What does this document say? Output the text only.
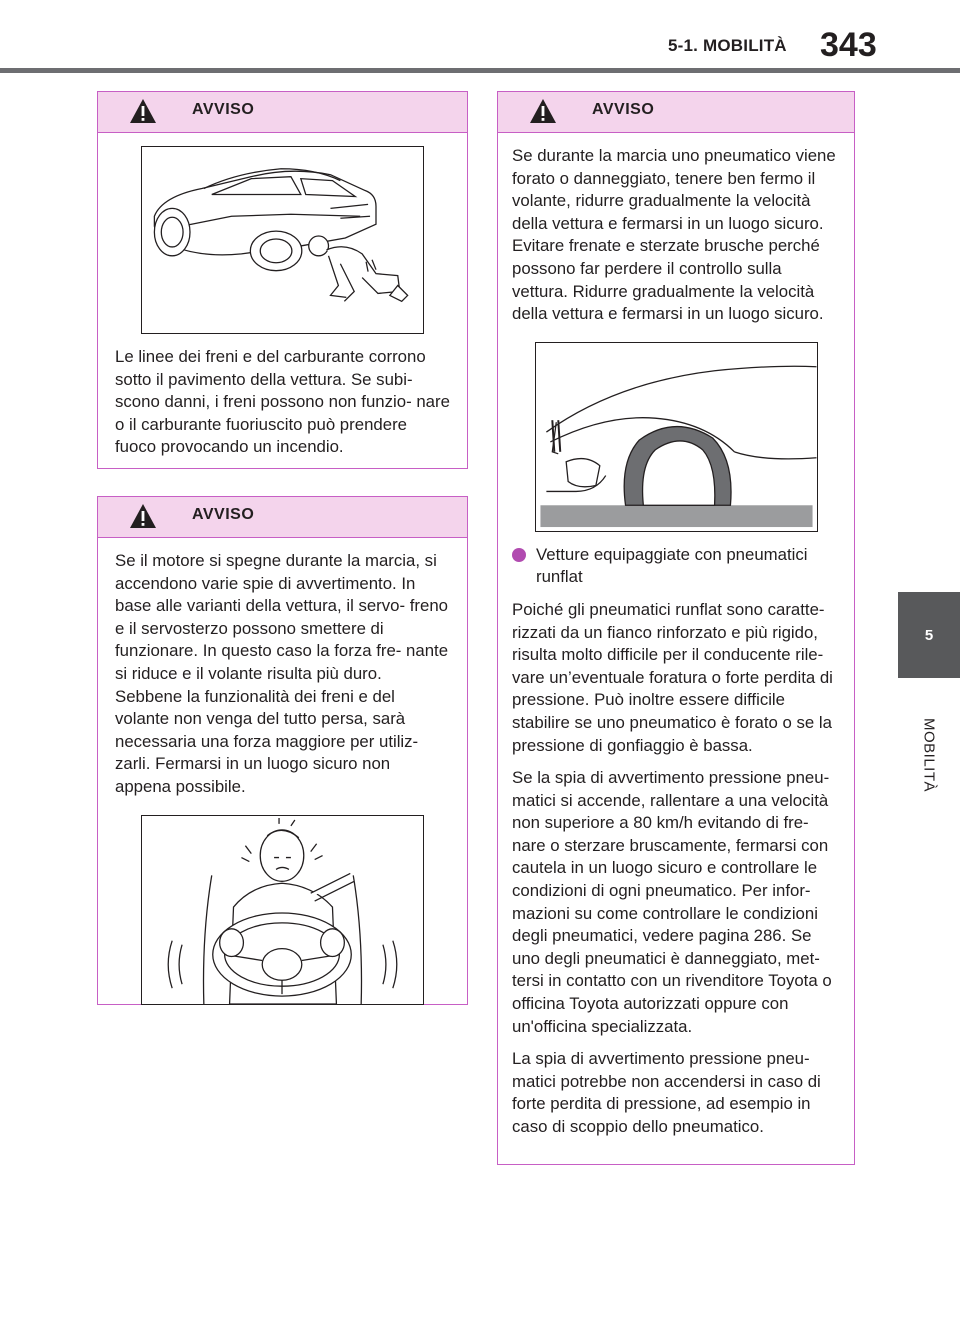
5-1. MOBILITÀ 343
5
MOBILITÀ
AVVISO

Le linee dei freni e del carburante corrono sotto il pavimento della vettura. Se subi- scono danni, i freni possono non funzio- nare o il carburante fuoriuscito può prendere fuoco provocando un incendio.

AVVISO

Se il motore si spegne durante la marcia, si accendono varie spie di avvertimento. In base alle varianti della vettura, il servo- freno e il servosterzo possono smettere di funzionare. In questo caso la forza fre- nante si riduce e il volante risulta più duro. Sebbene la funzionalità dei freni e del volante non venga del tutto persa, sarà necessaria una forza maggiore per utiliz- zarli. Fermarsi in un luogo sicuro non appena possibile.

AVVISO

Se durante la marcia uno pneumatico viene forato o danneggiato, tenere ben fermo il volante, ridurre gradualmente la velocità della vettura e fermarsi in un luogo sicuro. Evitare frenate e sterzate brusche perché possono far perdere il controllo sulla vettura. Ridurre gradualmente la velocità della vettura e fermarsi in un luogo sicuro.

Vetture equipaggiate con pneumatici runflat

Poiché gli pneumatici runflat sono caratte- rizzati da un fianco rinforzato e più rigido, risulta molto difficile per il conducente rile- vare un’eventuale foratura o forte perdita di pressione. Può inoltre essere difficile stabilire se uno pneumatico è forato o se la pressione di gonfiaggio è bassa.

Se la spia di avvertimento pressione pneu- matici si accende, rallentare a una velocità non superiore a 80 km/h evitando di fre- nare o sterzare bruscamente, fermarsi con cautela in un luogo sicuro e controllare le condizioni di ogni pneumatico. Per infor- mazioni su come controllare le condizioni degli pneumatici, vedere pagina 286. Se uno degli pneumatici è danneggiato, met- tersi in contatto con un rivenditore Toyota o officina Toyota autorizzati oppure con un'officina specializzata.

La spia di avvertimento pressione pneu- matici potrebbe non accendersi in caso di forte perdita di pressione, ad esempio in caso di scoppio dello pneumatico.
